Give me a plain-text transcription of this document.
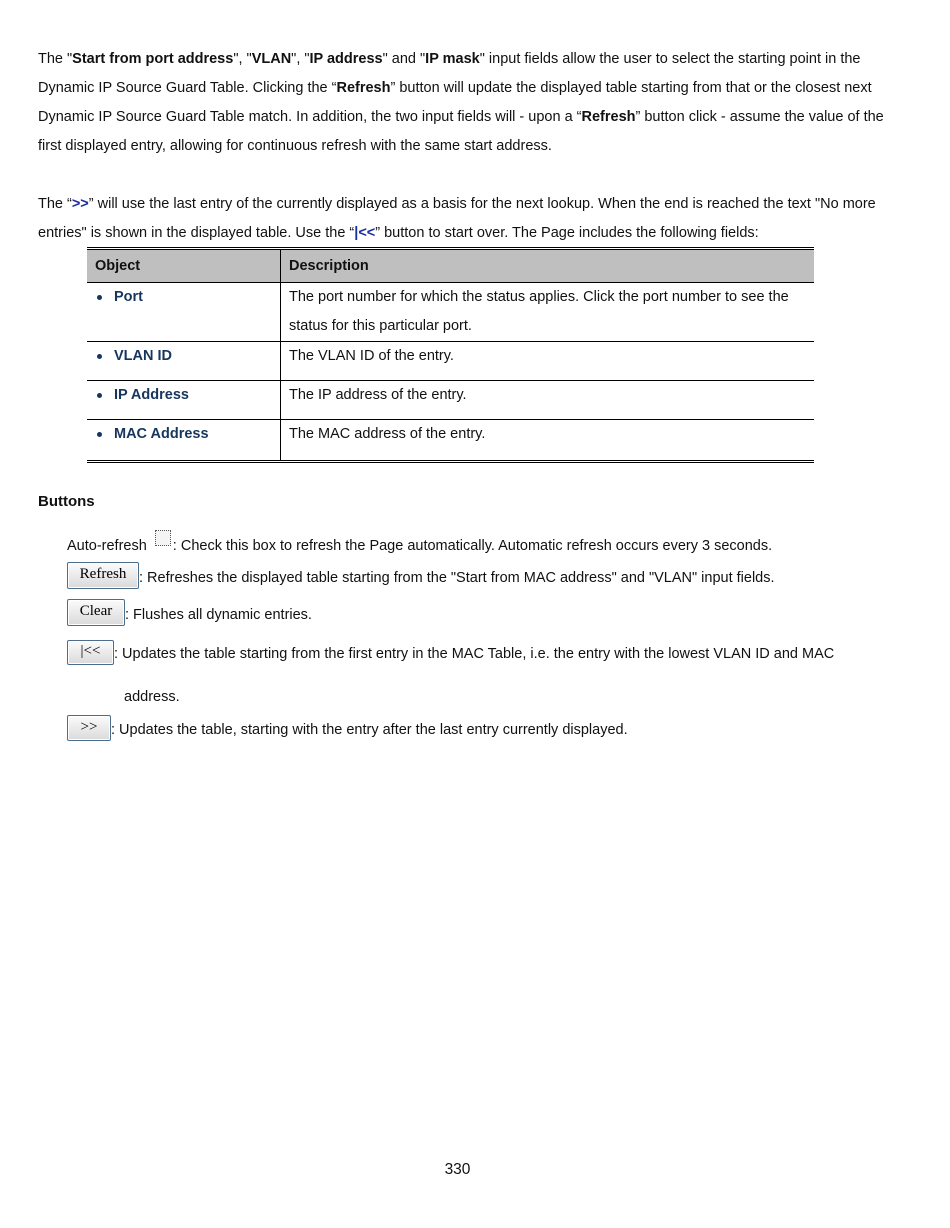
The "Start from port address", "VLAN", "IP address" and "IP mask" input fields allow the user to select the starting point in the Dynamic IP Source Guard Table. Clicking the “Refresh” button will update the displayed table starting from that or the closest next Dynamic IP Source Guard Table match. In addition, the two input fields will - upon a “Refresh” button click - assume the value of the first displayed entry, allowing for continuous refresh with the same start address.

The “>>” will use the last entry of the currently displayed as a basis for the next lookup. When the end is reached the text "No more entries" is shown in the displayed table. Use the “|<<” button to start over. The Page includes the following fields:

Object	Description

Port	The port number for which the status applies. Click the port number to see the status for this particular port.

VLAN ID	The VLAN ID of the entry.

IP Address	The IP address of the entry.

MAC Address	The MAC address of the entry.
Buttons
Auto-refresh : Check this box to refresh the Page automatically. Automatic refresh occurs every 3 seconds.
Refresh : Refreshes the displayed table starting from the "Start from MAC address" and "VLAN" input fields.
Clear : Flushes all dynamic entries.
|<< : Updates the table starting from the first entry in the MAC Table, i.e. the entry with the lowest VLAN ID and MAC
address.
>> : Updates the table, starting with the entry after the last entry currently displayed.
330
